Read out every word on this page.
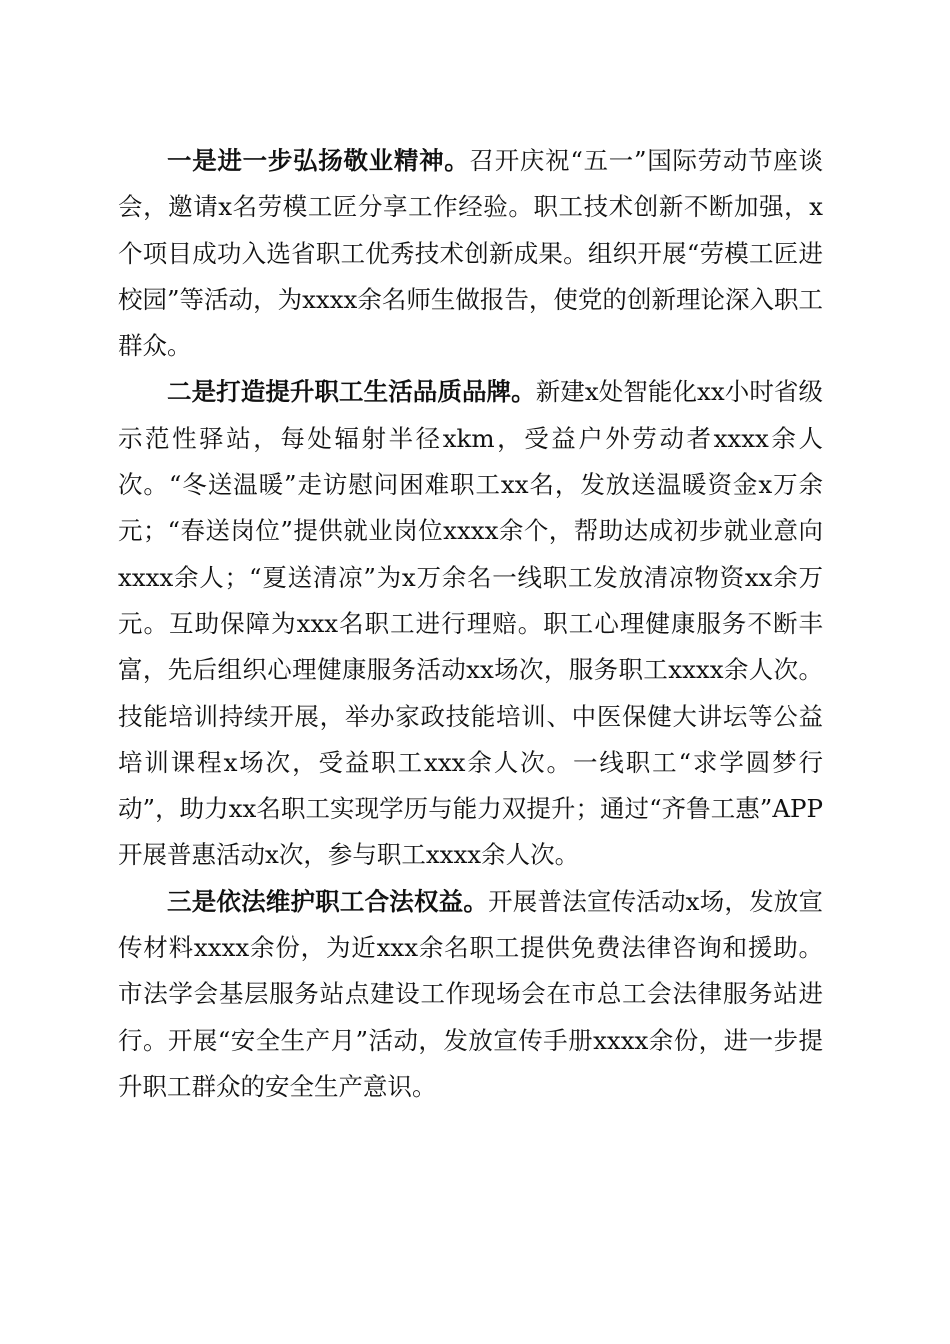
一是进一步弘扬敬业精神。召开庆祝“五一”国际劳动节座谈会，邀请x名劳模工匠分享工作经验。职工技术创新不断加强，x个项目成功入选省职工优秀技术创新成果。组织开展“劳模工匠进校园”等活动，为xxxx余名师生做报告，使党的创新理论深入职工群众。

二是打造提升职工生活品质品牌。新建x处智能化xx小时省级示范性驿站，每处辐射半径xkm，受益户外劳动者xxxx余人次。“冬送温暖”走访慰问困难职工xx名，发放送温暖资金x万余元；“春送岗位”提供就业岗位xxxx余个，帮助达成初步就业意向xxxx余人；“夏送清凉”为x万余名一线职工发放清凉物资xx余万元。互助保障为xxx名职工进行理赔。职工心理健康服务不断丰富，先后组织心理健康服务活动xx场次，服务职工xxxx余人次。技能培训持续开展，举办家政技能培训、中医保健大讲坛等公益培训课程x场次，受益职工xxx余人次。一线职工“求学圆梦行动”，助力xx名职工实现学历与能力双提升；通过“齐鲁工惠”APP开展普惠活动x次，参与职工xxxx余人次。

三是依法维护职工合法权益。开展普法宣传活动x场，发放宣传材料xxxx余份，为近xxx余名职工提供免费法律咨询和援助。市法学会基层服务站点建设工作现场会在市总工会法律服务站进行。开展“安全生产月”活动，发放宣传手册xxxx余份，进一步提升职工群众的安全生产意识。
